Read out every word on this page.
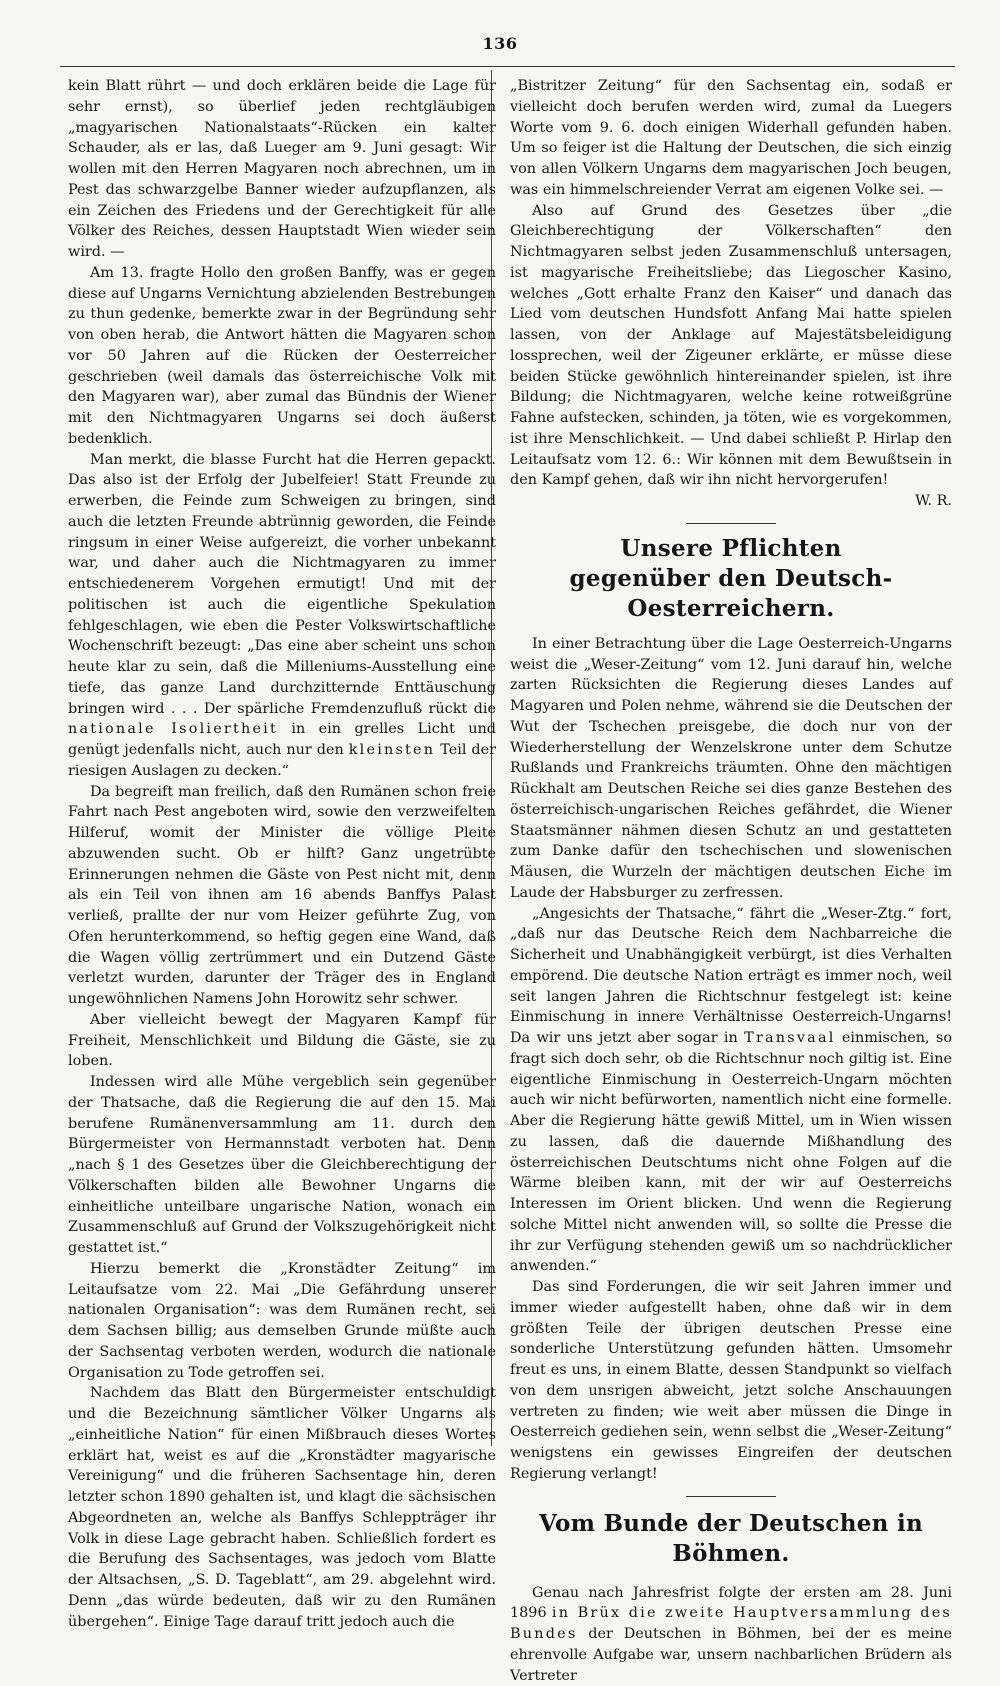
136

kein Blatt rührt — und doch erklären beide die Lage für sehr ernst), so überlief jeden rechtgläubigen „magyarischen Nationalstaats“-Rücken ein kalter Schauder, als er las, daß Lueger am 9. Juni gesagt: Wir wollen mit den Herren Magyaren noch abrechnen, um in Pest das schwarzgelbe Banner wieder aufzupflanzen, als ein Zeichen des Friedens und der Gerechtigkeit für alle Völker des Reiches, dessen Hauptstadt Wien wieder sein wird. —

Am 13. fragte Hollo den großen Banffy, was er gegen diese auf Ungarns Vernichtung abzielenden Bestrebungen zu thun gedenke, bemerkte zwar in der Begründung sehr von oben herab, die Antwort hätten die Magyaren schon vor 50 Jahren auf die Rücken der Oesterreicher geschrieben (weil damals das österreichische Volk mit den Magyaren war), aber zumal das Bündnis der Wiener mit den Nichtmagyaren Ungarns sei doch äußerst bedenklich.

Man merkt, die blasse Furcht hat die Herren gepackt. Das also ist der Erfolg der Jubelfeier! Statt Freunde zu erwerben, die Feinde zum Schweigen zu bringen, sind auch die letzten Freunde abtrünnig geworden, die Feinde ringsum in einer Weise aufgereizt, die vorher unbekannt war, und daher auch die Nichtmagyaren zu immer entschiedenerem Vorgehen ermutigt! Und mit der politischen ist auch die eigentliche Spekulation fehlgeschlagen, wie eben die Pester Volkswirtschaftliche Wochenschrift bezeugt: „Das eine aber scheint uns schon heute klar zu sein, daß die Milleniums-Ausstellung eine tiefe, das ganze Land durchzitternde Enttäuschung bringen wird . . . Der spärliche Fremdenzufluß rückt die nationale Isoliertheit in ein grelles Licht und genügt jedenfalls nicht, auch nur den kleinsten Teil der riesigen Auslagen zu decken.“

Da begreift man freilich, daß den Rumänen schon freie Fahrt nach Pest angeboten wird, sowie den verzweifelten Hilferuf, womit der Minister die völlige Pleite abzuwenden sucht. Ob er hilft? Ganz ungetrübte Erinnerungen nehmen die Gäste von Pest nicht mit, denn als ein Teil von ihnen am 16 abends Banffys Palast verließ, prallte der nur vom Heizer geführte Zug, von Ofen herunterkommend, so heftig gegen eine Wand, daß die Wagen völlig zertrümmert und ein Dutzend Gäste verletzt wurden, darunter der Träger des in England ungewöhnlichen Namens John Horowitz sehr schwer.

Aber vielleicht bewegt der Magyaren Kampf für Freiheit, Menschlichkeit und Bildung die Gäste, sie zu loben.

Indessen wird alle Mühe vergeblich sein gegenüber der Thatsache, daß die Regierung die auf den 15. Mai berufene Rumänenversammlung am 11. durch den Bürgermeister von Hermannstadt verboten hat. Denn „nach § 1 des Gesetzes über die Gleichberechtigung der Völkerschaften bilden alle Bewohner Ungarns die einheitliche unteilbare ungarische Nation, wonach ein Zusammenschluß auf Grund der Volkszugehörigkeit nicht gestattet ist.“

Hierzu bemerkt die „Kronstädter Zeitung“ im Leitaufsatze vom 22. Mai „Die Gefährdung unserer nationalen Organisation“: was dem Rumänen recht, sei dem Sachsen billig; aus demselben Grunde müßte auch der Sachsentag verboten werden, wodurch die nationale Organisation zu Tode getroffen sei.

Nachdem das Blatt den Bürgermeister entschuldigt und die Bezeichnung sämtlicher Völker Ungarns als „einheitliche Nation“ für einen Mißbrauch dieses Wortes erklärt hat, weist es auf die „Kronstädter magyarische Vereinigung“ und die früheren Sachsentage hin, deren letzter schon 1890 gehalten ist, und klagt die sächsischen Abgeordneten an, welche als Banffys Schleppträger ihr Volk in diese Lage gebracht haben. Schließlich fordert es die Berufung des Sachsentages, was jedoch vom Blatte der Altsachsen, „S. D. Tageblatt“, am 29. abgelehnt wird. Denn „das würde bedeuten, daß wir zu den Rumänen übergehen“. Einige Tage darauf tritt jedoch auch die

„Bistritzer Zeitung“ für den Sachsentag ein, sodaß er vielleicht doch berufen werden wird, zumal da Luegers Worte vom 9. 6. doch einigen Widerhall gefunden haben. Um so feiger ist die Haltung der Deutschen, die sich einzig von allen Völkern Ungarns dem magyarischen Joch beugen, was ein himmelschreiender Verrat am eigenen Volke sei. —

Also auf Grund des Gesetzes über „die Gleichberechtigung der Völkerschaften“ den Nichtmagyaren selbst jeden Zusammenschluß untersagen, ist magyarische Freiheitsliebe; das Liegoscher Kasino, welches „Gott erhalte Franz den Kaiser“ und danach das Lied vom deutschen Hundsfott Anfang Mai hatte spielen lassen, von der Anklage auf Majestätsbeleidigung lossprechen, weil der Zigeuner erklärte, er müsse diese beiden Stücke gewöhnlich hintereinander spielen, ist ihre Bildung; die Nichtmagyaren, welche keine rotweißgrüne Fahne aufstecken, schinden, ja töten, wie es vorgekommen, ist ihre Menschlichkeit. — Und dabei schließt P. Hirlap den Leitaufsatz vom 12. 6.: Wir können mit dem Bewußtsein in den Kampf gehen, daß wir ihn nicht hervorgerufen!
W. R.

Unsere Pflichten
gegenüber den Deutsch-Oesterreichern.

In einer Betrachtung über die Lage Oesterreich-Ungarns weist die „Weser-Zeitung“ vom 12. Juni darauf hin, welche zarten Rücksichten die Regierung dieses Landes auf Magyaren und Polen nehme, während sie die Deutschen der Wut der Tschechen preisgebe, die doch nur von der Wiederherstellung der Wenzelskrone unter dem Schutze Rußlands und Frankreichs träumten. Ohne den mächtigen Rückhalt am Deutschen Reiche sei dies ganze Bestehen des österreichisch-ungarischen Reiches gefährdet, die Wiener Staatsmänner nähmen diesen Schutz an und gestatteten zum Danke dafür den tschechischen und slowenischen Mäusen, die Wurzeln der mächtigen deutschen Eiche im Laude der Habsburger zu zerfressen.

„Angesichts der Thatsache,“ fährt die „Weser-Ztg.“ fort, „daß nur das Deutsche Reich dem Nachbarreiche die Sicherheit und Unabhängigkeit verbürgt, ist dies Verhalten empörend. Die deutsche Nation erträgt es immer noch, weil seit langen Jahren die Richtschnur festgelegt ist: keine Einmischung in innere Verhältnisse Oesterreich-Ungarns! Da wir uns jetzt aber sogar in Transvaal einmischen, so fragt sich doch sehr, ob die Richtschnur noch giltig ist. Eine eigentliche Einmischung in Oesterreich-Ungarn möchten auch wir nicht befürworten, namentlich nicht eine formelle. Aber die Regierung hätte gewiß Mittel, um in Wien wissen zu lassen, daß die dauernde Mißhandlung des österreichischen Deutschtums nicht ohne Folgen auf die Wärme bleiben kann, mit der wir auf Oesterreichs Interessen im Orient blicken. Und wenn die Regierung solche Mittel nicht anwenden will, so sollte die Presse die ihr zur Verfügung stehenden gewiß um so nachdrücklicher anwenden.“

Das sind Forderungen, die wir seit Jahren immer und immer wieder aufgestellt haben, ohne daß wir in dem größten Teile der übrigen deutschen Presse eine sonderliche Unterstützung gefunden hätten. Umsomehr freut es uns, in einem Blatte, dessen Standpunkt so vielfach von dem unsrigen abweicht, jetzt solche Anschauungen vertreten zu finden; wie weit aber müssen die Dinge in Oesterreich gediehen sein, wenn selbst die „Weser-Zeitung“ wenigstens ein gewisses Eingreifen der deutschen Regierung verlangt!

Vom Bunde der Deutschen in Böhmen.

Genau nach Jahresfrist folgte der ersten am 28. Juni 1896 in Brüx die zweite Hauptversammlung des Bundes der Deutschen in Böhmen, bei der es meine ehrenvolle Aufgabe war, unsern nachbarlichen Brüdern als Vertreter
